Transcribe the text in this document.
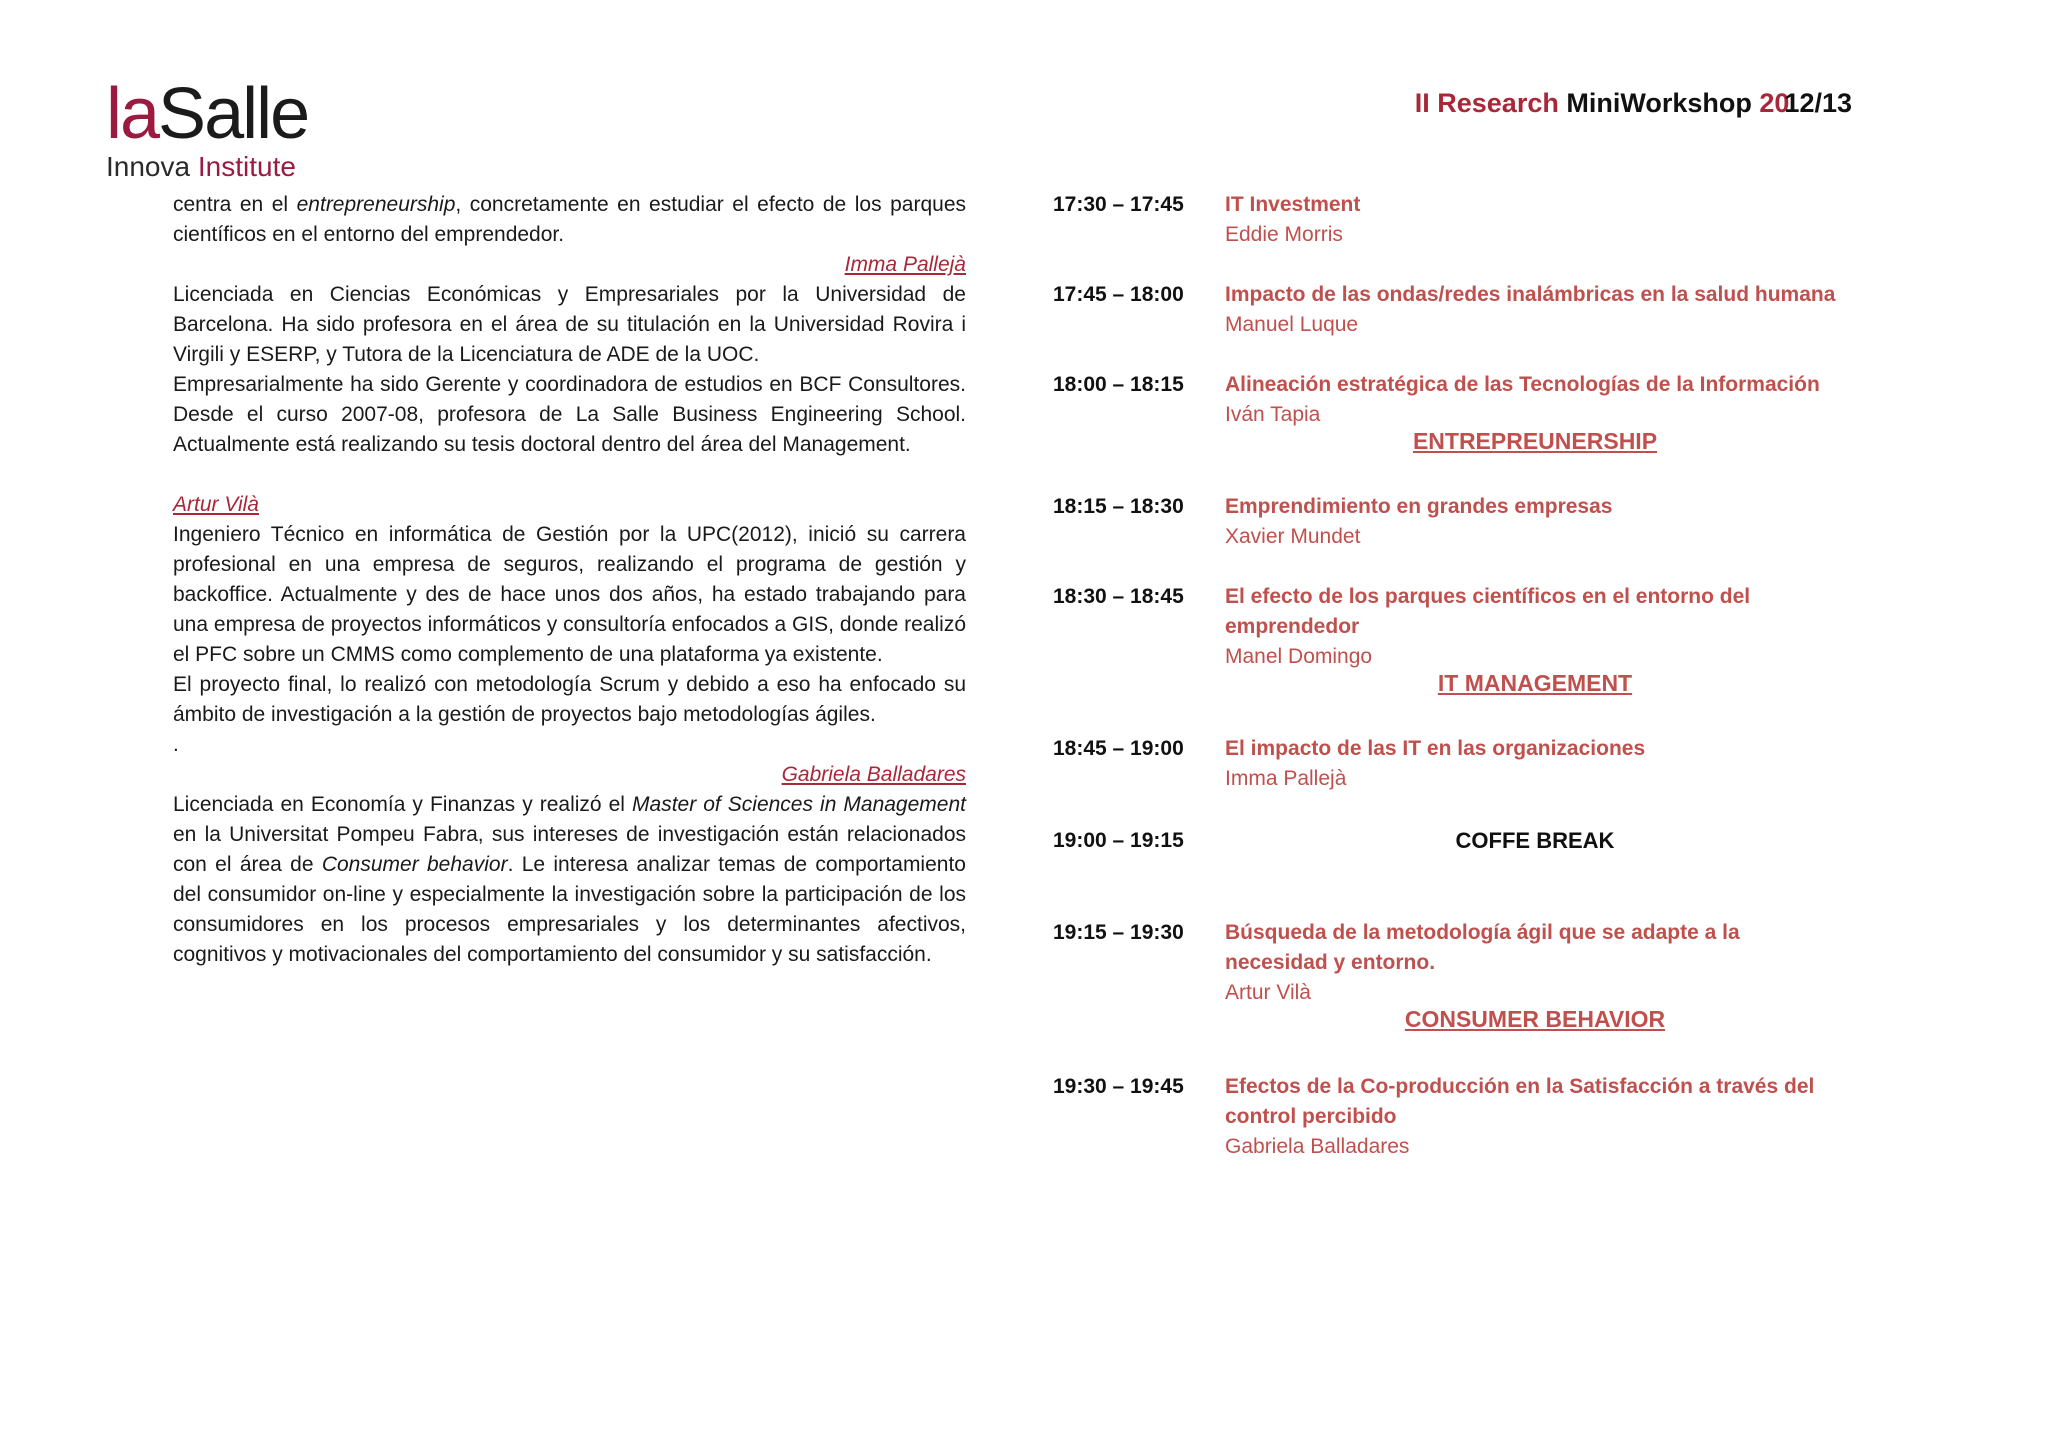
laSalle
Innova Institute
II Research MiniWorkshop 2012/13

centra en el entrepreneurship, concretamente en estudiar el efecto de los parques científicos en el entorno del emprendedor.

Imma Pallejà

Licenciada en Ciencias Económicas y Empresariales por la Universidad de Barcelona. Ha sido profesora en el área de su titulación en la Universidad Rovira i Virgili y ESERP, y Tutora de la Licenciatura de ADE de la UOC.

Empresarialmente ha sido Gerente y coordinadora de estudios en BCF Consultores. Desde el curso 2007-08, profesora de La Salle Business Engineering School. Actualmente está realizando su tesis doctoral dentro del área del Management.

Artur Vilà

Ingeniero Técnico en informática de Gestión por la UPC(2012), inició su carrera profesional en una empresa de seguros, realizando el programa de gestión y backoffice. Actualmente y des de hace unos dos años, ha estado trabajando para una empresa de proyectos informáticos y consultoría enfocados a GIS, donde realizó el PFC sobre un CMMS como complemento de una plataforma ya existente.

El proyecto final, lo realizó con metodología Scrum y debido a eso ha enfocado su ámbito de investigación a la gestión de proyectos bajo metodologías ágiles.

.

Gabriela Balladares

Licenciada en Economía y Finanzas y realizó el Master of Sciences in Management en la Universitat Pompeu Fabra, sus intereses de investigación están relacionados con el área de Consumer behavior. Le interesa analizar temas de comportamiento del consumidor on-line y especialmente la investigación sobre la participación de los consumidores en los procesos empresariales y los determinantes afectivos, cognitivos y motivacionales del comportamiento del consumidor y su satisfacción.

17:30 – 17:45	IT Investment
Eddie Morris
17:45 – 18:00	Impacto de las ondas/redes inalámbricas en la salud humana
Manuel Luque
18:00 – 18:15	Alineación estratégica de las Tecnologías de la Información
Iván Tapia
18:15 – 18:30	Emprendimiento en grandes empresas
Xavier Mundet
18:30 – 18:45	El efecto de los parques científicos en el entorno del emprendedor
Manel Domingo
18:45 – 19:00	El impacto de las IT en las organizaciones
Imma Pallejà
19:00 – 19:15	COFFE BREAK
19:15 – 19:30	Búsqueda de la metodología ágil que se adapte a la necesidad y entorno.
Artur Vilà
19:30 – 19:45	Efectos de la Co-producción en la Satisfacción a través del control percibido
Gabriela Balladares
ENTREPREUNERSHIP
IT MANAGEMENT
CONSUMER BEHAVIOR
